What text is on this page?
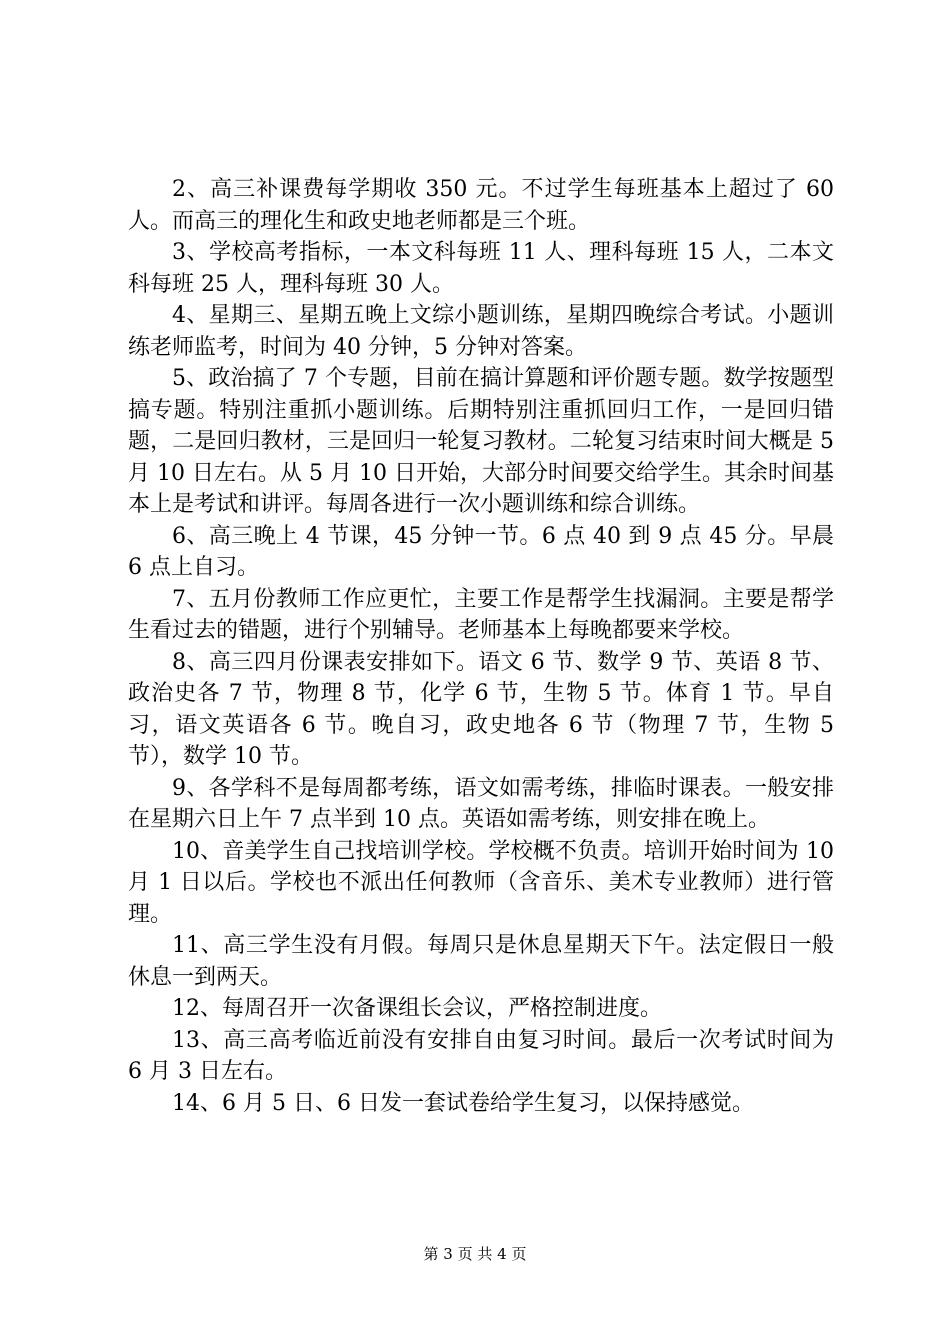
2、高三补课费每学期收 350 元。不过学生每班基本上超过了 60 人。而高三的理化生和政史地老师都是三个班。

3、学校高考指标，一本文科每班 11 人、理科每班 15 人，二本文科每班 25 人，理科每班 30 人。

4、星期三、星期五晚上文综小题训练，星期四晚综合考试。小题训练老师监考，时间为 40 分钟，5 分钟对答案。

5、政治搞了 7 个专题，目前在搞计算题和评价题专题。数学按题型搞专题。特别注重抓小题训练。后期特别注重抓回归工作，一是回归错题，二是回归教材，三是回归一轮复习教材。二轮复习结束时间大概是 5 月 10 日左右。从 5 月 10 日开始，大部分时间要交给学生。其余时间基本上是考试和讲评。每周各进行一次小题训练和综合训练。

6、高三晚上 4 节课，45 分钟一节。6 点 40 到 9 点 45 分。早晨 6 点上自习。

7、五月份教师工作应更忙，主要工作是帮学生找漏洞。主要是帮学生看过去的错题，进行个别辅导。老师基本上每晚都要来学校。

8、高三四月份课表安排如下。语文 6 节、数学 9 节、英语 8 节、政治史各 7 节，物理 8 节，化学 6 节，生物 5 节。体育 1 节。早自习，语文英语各 6 节。晚自习，政史地各 6 节（物理 7 节，生物 5 节），数学 10 节。

9、各学科不是每周都考练，语文如需考练，排临时课表。一般安排在星期六日上午 7 点半到 10 点。英语如需考练，则安排在晚上。

10、音美学生自己找培训学校。学校概不负责。培训开始时间为 10 月 1 日以后。学校也不派出任何教师（含音乐、美术专业教师）进行管理。

11、高三学生没有月假。每周只是休息星期天下午。法定假日一般休息一到两天。

12、每周召开一次备课组长会议，严格控制进度。

13、高三高考临近前没有安排自由复习时间。最后一次考试时间为 6 月 3 日左右。

14、6 月 5 日、6 日发一套试卷给学生复习，以保持感觉。

第 3 页 共 4 页
